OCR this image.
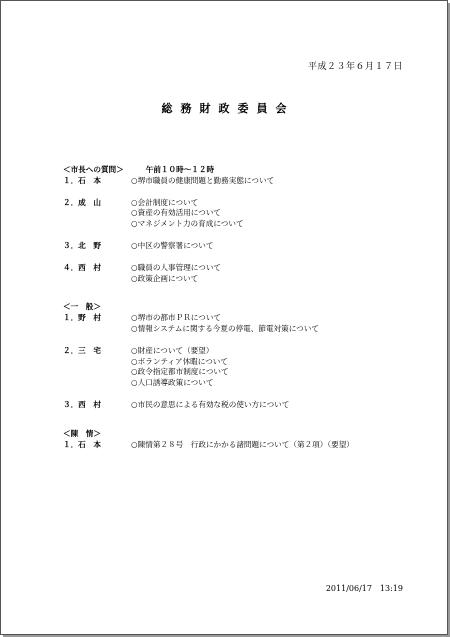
平成２３年６月１７日
総務財政委員会
＜市長への質問＞	午前１０時～１２時
１．石　本	○堺市職員の健康問題と勤務実態について
２．成　山	○会計制度について
○資産の有効活用について
○マネジメント力の育成について
３．北　野	○中区の警察署について
４．西　村	○職員の人事管理について
○政策企画について
＜一　般＞
１．野　村	○堺市の都市ＰＲについて
○情報システムに関する今夏の停電、節電対策について
２．三　宅	○財産について（要望）
○ボランティア休暇について
○政令指定都市制度について
○人口誘導政策について
３．西　村	○市民の意思による有効な税の使い方について
＜陳　情＞
１．石　本	○陳情第２８号　行政にかかる諸問題について（第２項）（要望）
2011/06/17　13:19
